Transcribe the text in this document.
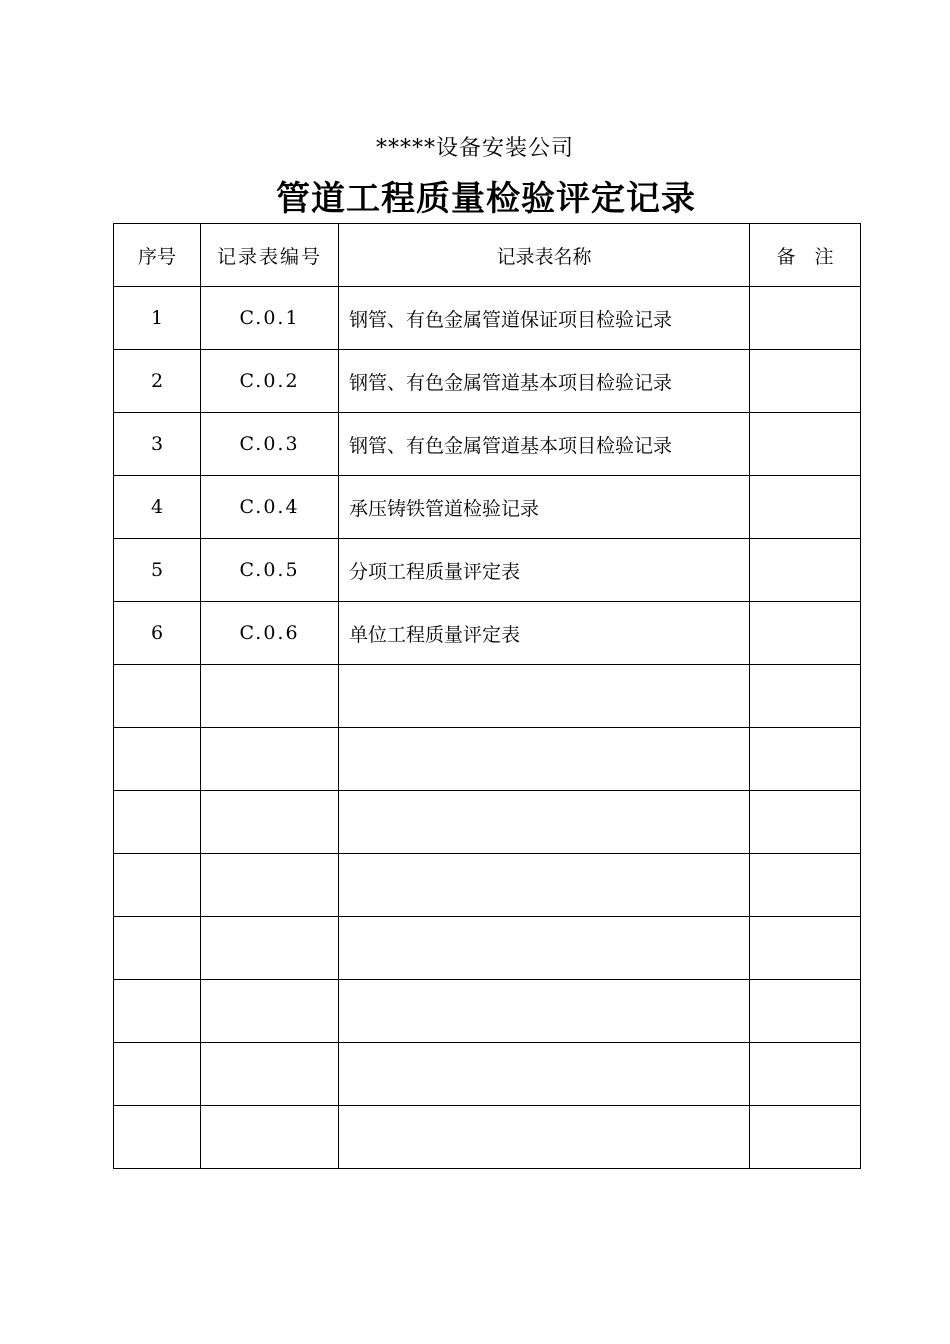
*****设备安装公司
管道工程质量检验评定记录
序号	记录表编号	记录表名称	备　注
1	C.0.1	钢管、有色金属管道保证项目检验记录	
2	C.0.2	钢管、有色金属管道基本项目检验记录	
3	C.0.3	钢管、有色金属管道基本项目检验记录	
4	C.0.4	承压铸铁管道检验记录	
5	C.0.5	分项工程质量评定表	
6	C.0.6	单位工程质量评定表	
